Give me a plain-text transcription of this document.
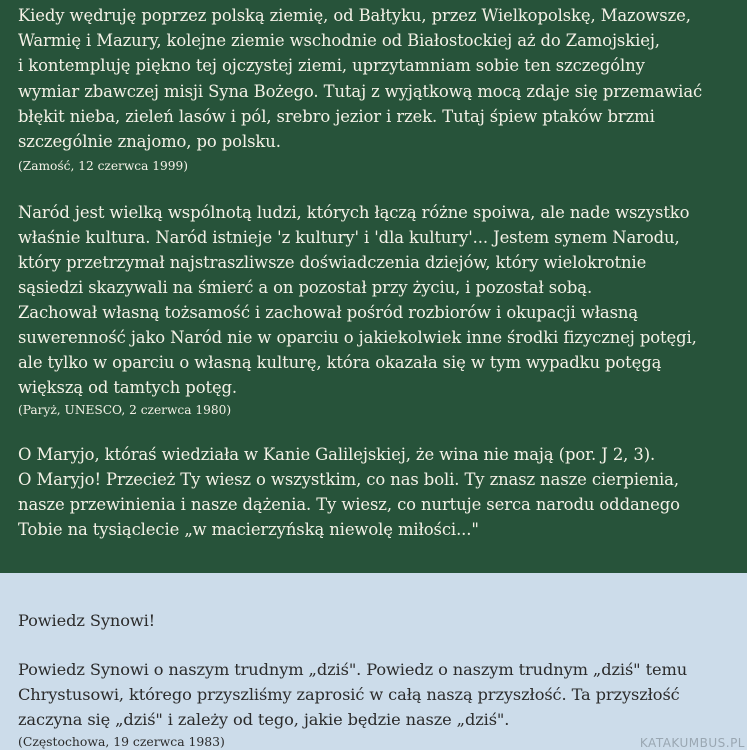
Kiedy wędruję poprzez polską ziemię, od Bałtyku, przez Wielkopolskę, Mazowsze,
Warmię i Mazury, kolejne ziemie wschodnie od Białostockiej aż do Zamojskiej,
i kontempluję piękno tej ojczystej ziemi, uprzytamniam sobie ten szczególny
wymiar zbawczej misji Syna Bożego. Tutaj z wyjątkową mocą zdaje się przemawiać
błękit nieba, zieleń lasów i pól, srebro jezior i rzek. Tutaj śpiew ptaków brzmi
szczególnie znajomo, po polsku.
(Zamość, 12 czerwca 1999)
Naród jest wielką wspólnotą ludzi, których łączą różne spoiwa, ale nade wszystko
właśnie kultura. Naród istnieje 'z kultury' i 'dla kultury'... Jestem synem Narodu,
który przetrzymał najstraszliwsze doświadczenia dziejów, który wielokrotnie
sąsiedzi skazywali na śmierć a on pozostał przy życiu, i pozostał sobą.
Zachował własną tożsamość i zachował pośród rozbiorów i okupacji własną
suwerenność jako Naród nie w oparciu o jakiekolwiek inne środki fizycznej potęgi,
ale tylko w oparciu o własną kulturę, która okazała się w tym wypadku potęgą
większą od tamtych potęg.
(Paryż, UNESCO, 2 czerwca 1980)
O Maryjo, któraś wiedziała w Kanie Galilejskiej, że wina nie mają (por. J 2, 3).
O Maryjo! Przecież Ty wiesz o wszystkim, co nas boli. Ty znasz nasze cierpienia,
nasze przewinienia i nasze dążenia. Ty wiesz, co nurtuje serca narodu oddanego
Tobie na tysiąclecie „w macierzyńską niewolę miłości..."
Powiedz Synowi!
Powiedz Synowi o naszym trudnym „dziś". Powiedz o naszym trudnym „dziś" temu
Chrystusowi, którego przyszliśmy zaprosić w całą naszą przyszłość. Ta przyszłość
zaczyna się „dziś" i zależy od tego, jakie będzie nasze „dziś".
(Częstochowa, 19 czerwca 1983)	KATAKUMBUS.PL
